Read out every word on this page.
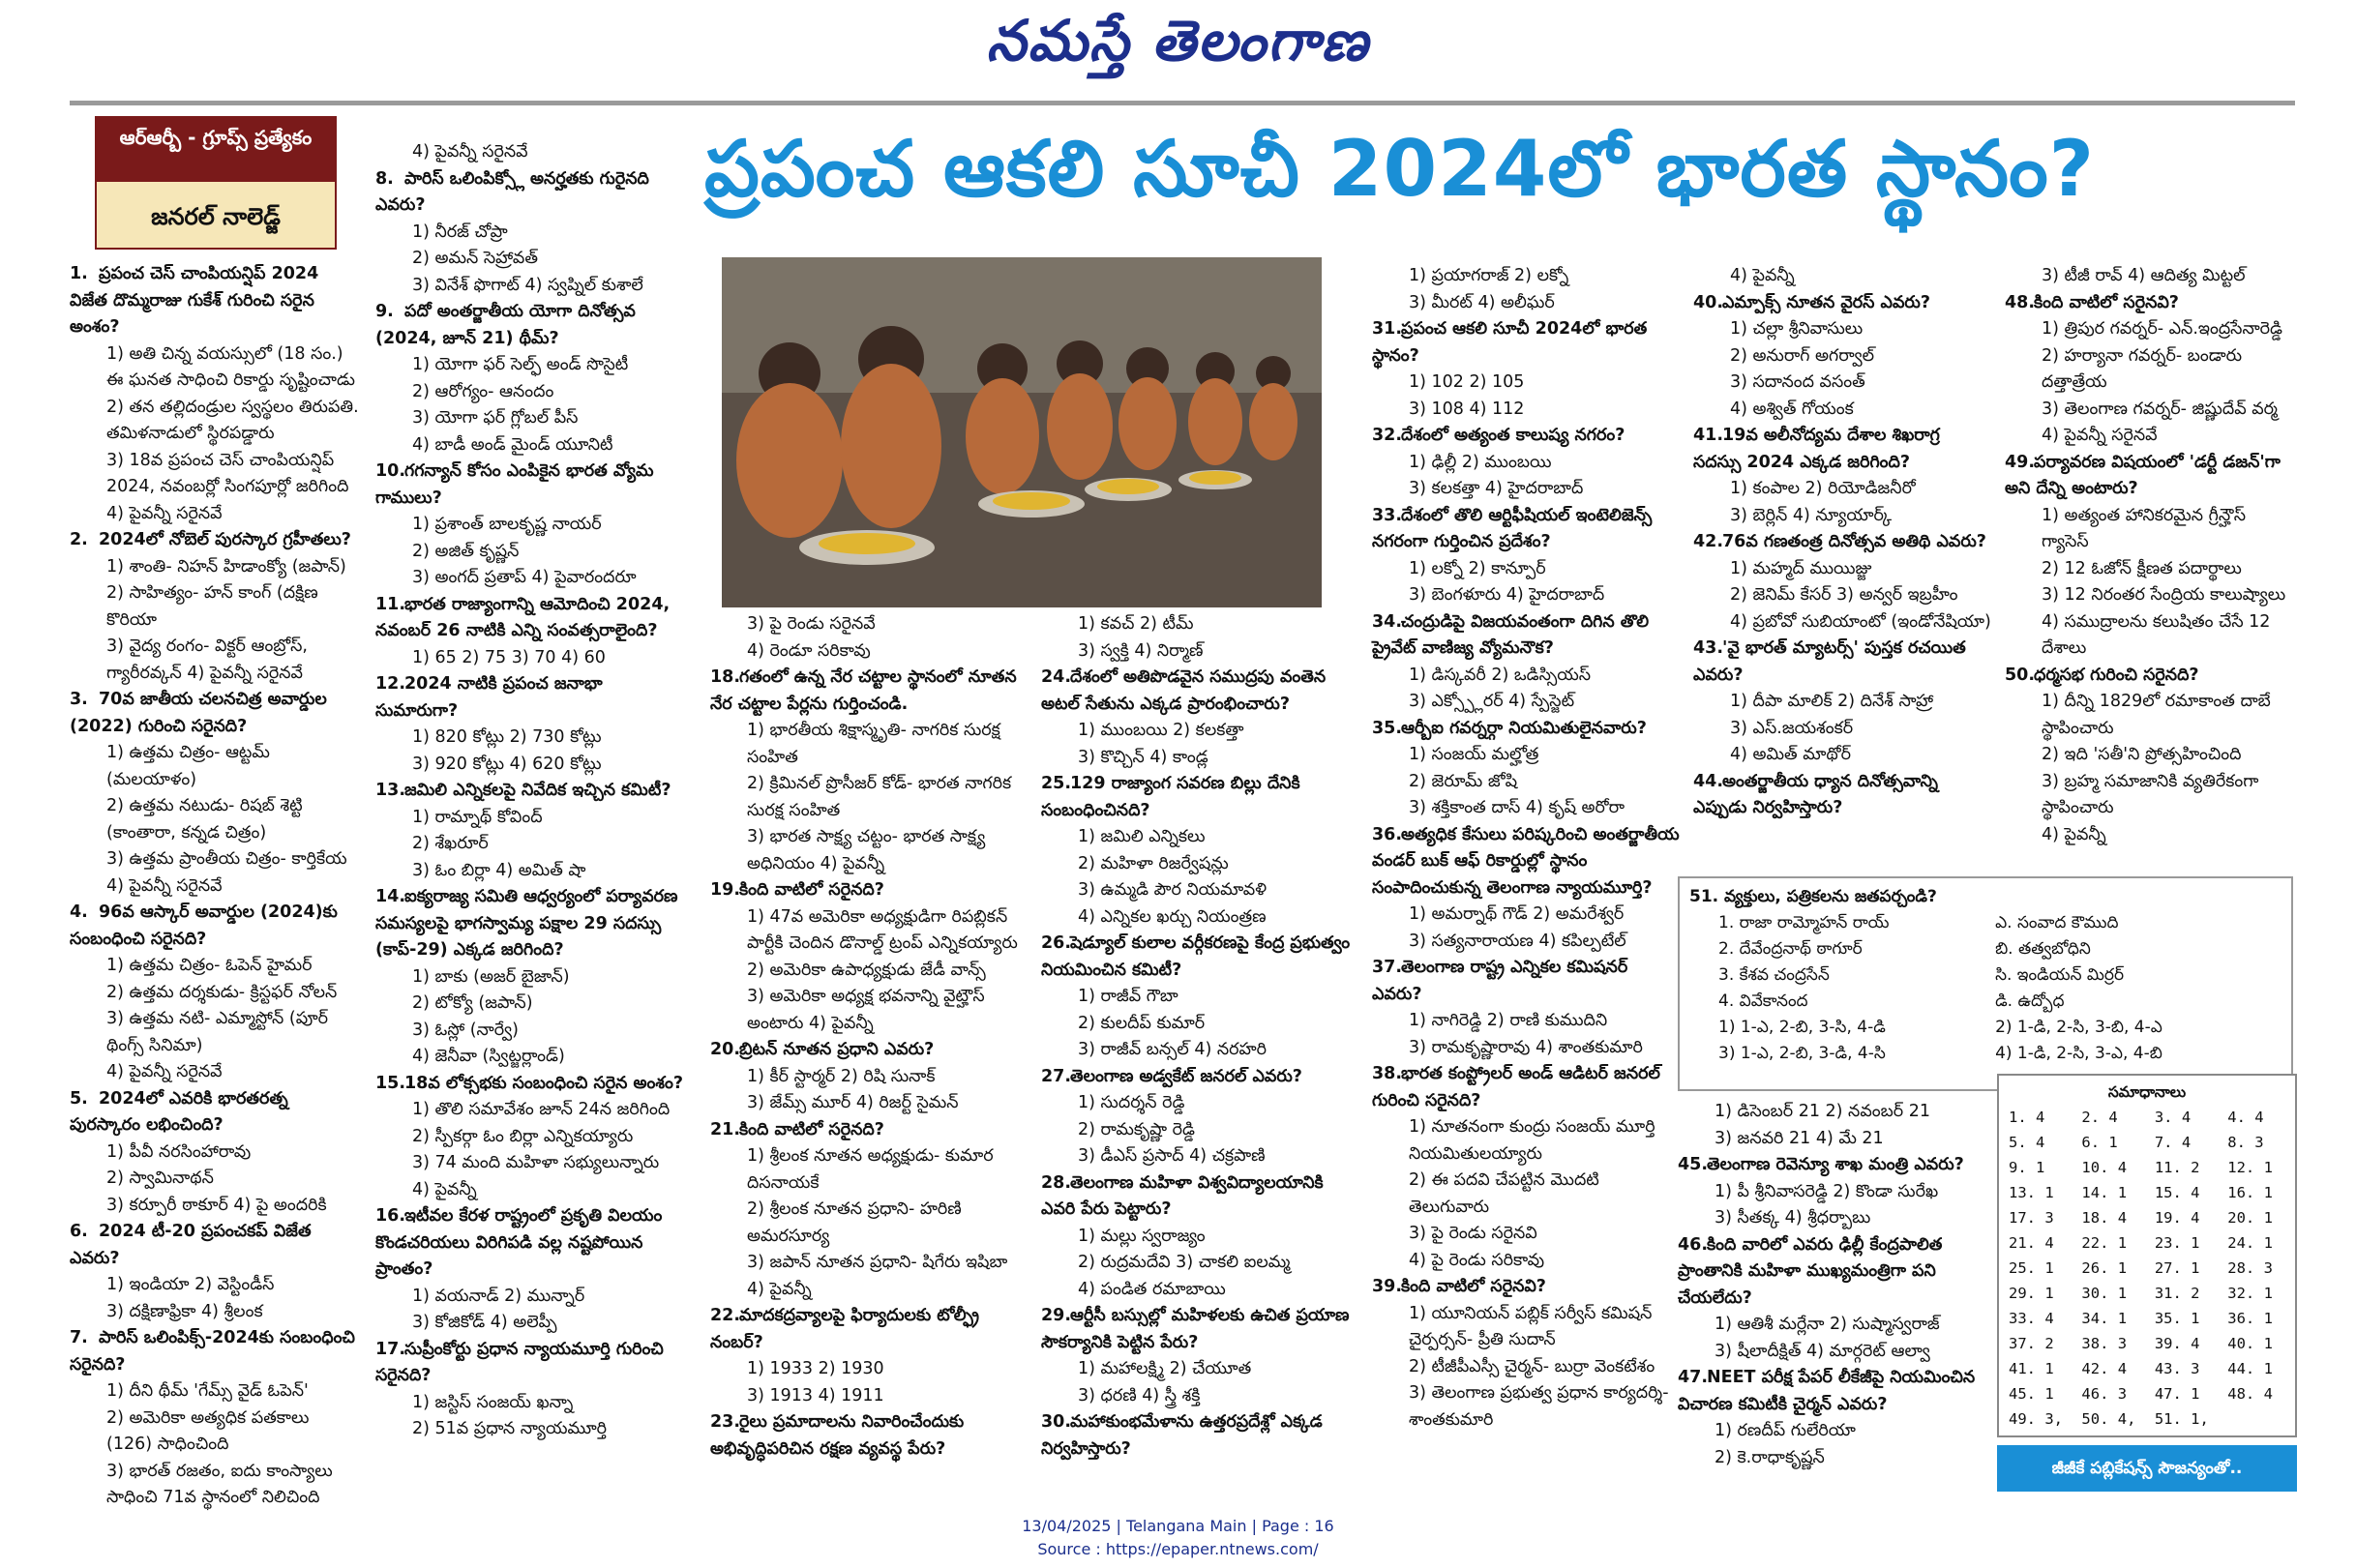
నమస్తే తెలంగాణ
ఆర్ఆర్బీ - గ్రూప్స్ ప్రత్యేకం
జనరల్ నాలెడ్జ్
ప్రపంచ ఆకలి సూచీ 2024లో భారత స్థానం?
1. ప్రపంచ చెస్ చాంపియన్షిప్ 2024 విజేత దొమ్మరాజు గుకేశ్ గురించి సరైన అంశం?
1) అతి చిన్న వయస్సులో (18 సం.) ఈ ఘనత సాధించి రికార్డు సృష్టించాడు
2) తన తల్లిదండ్రుల స్వస్థలం తిరుపతి. తమిళనాడులో స్థిరపడ్డారు
3) 18వ ప్రపంచ చెస్ చాంపియన్షిప్ 2024, నవంబర్లో సింగపూర్లో జరిగింది 4) పైవన్నీ సరైనవే
2. 2024లో నోబెల్ పురస్కార గ్రహీతలు?
1) శాంతి- నిహన్ హిడాంక్యో (జపాన్)
2) సాహిత్యం- హన్ కాంగ్ (దక్షిణ కొరియా
3) వైద్య రంగం- విక్టర్ ఆంబ్రోస్, గ్యారీరవ్కన్ 4) పైవన్నీ సరైనవే
3. 70వ జాతీయ చలనచిత్ర అవార్డుల (2022) గురించి సరైనది?
1) ఉత్తమ చిత్రం- ఆట్టమ్ (మలయాళం)
2) ఉత్తమ నటుడు- రిషబ్ శెట్టి (కాంతారా, కన్నడ చిత్రం)
3) ఉత్తమ ప్రాంతీయ చిత్రం- కార్తికేయ
4) పైవన్నీ సరైనవే
4. 96వ ఆస్కార్ అవార్డుల (2024)కు సంబంధించి సరైనది?
1) ఉత్తమ చిత్రం- ఓపెన్ హైమర్
2) ఉత్తమ దర్శకుడు- క్రిస్టఫర్ నోలన్
3) ఉత్తమ నటి- ఎమ్మాస్టోన్ (పూర్ థింగ్స్ సినిమా)
4) పైవన్నీ సరైనవే
5. 2024లో ఎవరికి భారతరత్న పురస్కారం లభించింది?
1) పీవీ నరసింహారావు
2) స్వామినాథన్
3) కర్పూరీ ఠాకూర్ 4) పై అందరికి
6. 2024 టీ-20 ప్రపంచకప్ విజేత ఎవరు?
1) ఇండియా 2) వెస్టిండీస్
3) దక్షిణాఫ్రికా 4) శ్రీలంక
7. పారిస్ ఒలింపిక్స్-2024కు సంబంధించి సరైనది?
1) దీని థీమ్ 'గేమ్స్ వైడ్ ఓపెన్'
2) అమెరికా అత్యధిక పతకాలు (126) సాధించింది
3) భారత్ రజతం, ఐదు కాంస్యాలు సాధించి 71వ స్థానంలో నిలిచింది
4) పైవన్నీ సరైనవే
8. పారిస్ ఒలింపిక్స్లో అనర్హతకు గురైనది ఎవరు?
1) నీరజ్ చోప్రా
2) అమన్ సెహ్రావత్
3) వినేశ్ ఫొగాట్ 4) స్వప్నిల్ కుశాలే
9. పదో అంతర్జాతీయ యోగా దినోత్సవ (2024, జూన్ 21) థీమ్?
1) యోగా ఫర్ సెల్ఫ్ అండ్ సొసైటీ
2) ఆరోగ్యం- ఆనందం
3) యోగా ఫర్ గ్లోబల్ పీస్
4) బాడీ అండ్ మైండ్ యూనిటీ
10.గగన్యాన్ కోసం ఎంపికైన భారత వ్యోమ గాములు?
1) ప్రశాంత్ బాలకృష్ణ నాయర్
2) అజిత్ కృష్ణన్
3) అంగద్ ప్రతాప్ 4) పైవారందరూ
11.భారత రాజ్యాంగాన్ని ఆమోదించి 2024, నవంబర్ 26 నాటికి ఎన్ని సంవత్సరాలైంది?
1) 65 2) 75 3) 70 4) 60
12.2024 నాటికి ప్రపంచ జనాభా సుమారుగా?
1) 820 కోట్లు 2) 730 కోట్లు
3) 920 కోట్లు 4) 620 కోట్లు
13.జమిలి ఎన్నికలపై నివేదిక ఇచ్చిన కమిటీ?
1) రామ్నాథ్ కోవింద్
2) శేఖరూర్
3) ఓం బిర్లా 4) అమిత్ షా
14.ఐక్యరాజ్య సమితి ఆధ్వర్యంలో పర్యావరణ సమస్యలపై భాగస్వామ్య పక్షాల 29 సదస్సు (కాప్-29) ఎక్కడ జరిగింది?
1) బాకు (అజర్ బైజాన్)
2) టోక్యో (జపాన్)
3) ఓస్లో (నార్వే)
4) జెనీవా (స్విట్జర్లాండ్)
15.18వ లోక్సభకు సంబంధించి సరైన అంశం?
1) తొలి సమావేశం జూన్ 24న జరిగింది
2) స్పీకర్గా ఓం బిర్లా ఎన్నికయ్యారు
3) 74 మంది మహిళా సభ్యులున్నారు
4) పైవన్నీ
16.ఇటీవల కేరళ రాష్ట్రంలో ప్రకృతి విలయం కొండచరియలు విరిగిపడి వల్ల నష్టపోయిన ప్రాంతం?
1) వయనాడ్ 2) మున్నార్
3) కోజికోడ్ 4) అలెప్పీ
17.సుప్రీంకోర్టు ప్రధాన న్యాయమూర్తి గురించి సరైనది?
1) జస్టిస్ సంజయ్ ఖన్నా
2) 51వ ప్రధాన న్యాయమూర్తి
3) పై రెండు సరైనవే
4) రెండూ సరికావు
18.గతంలో ఉన్న నేర చట్టాల స్థానంలో నూతన నేర చట్టాల పేర్లను గుర్తించండి.
1) భారతీయ శిక్షాస్మృతి- నాగరిక సురక్ష సంహిత
2) క్రిమినల్ ప్రొసీజర్ కోడ్- భారత నాగరిక సురక్ష సంహిత
3) భారత సాక్ష్య చట్టం- భారత సాక్ష్య అధినియం 4) పైవన్నీ
19.కింది వాటిలో సరైనది?
1) 47వ అమెరికా అధ్యక్షుడిగా రిపబ్లికన్ పార్టీకి చెందిన డొనాల్డ్ ట్రంప్ ఎన్నికయ్యారు
2) అమెరికా ఉపాధ్యక్షుడు జేడీ వాన్స్
3) అమెరికా అధ్యక్ష భవనాన్ని వైట్హౌస్ అంటారు 4) పైవన్నీ
20.బ్రిటన్ నూతన ప్రధాని ఎవరు?
1) కీర్ స్టార్మర్ 2) రిషి సునాక్
3) జేమ్స్ మూర్ 4) రిజర్ట్ సైమన్
21.కింది వాటిలో సరైనది?
1) శ్రీలంక నూతన అధ్యక్షుడు- కుమార దిసనాయకే
2) శ్రీలంక నూతన ప్రధాని- హరిణి అమరసూర్య
3) జపాన్ నూతన ప్రధాని- షిగేరు ఇషిబా 4) పైవన్నీ
22.మాదకద్రవ్యాలపై ఫిర్యాదులకు టోల్ఫ్రీ నంబర్?
1) 1933 2) 1930
3) 1913 4) 1911
23.రైలు ప్రమాదాలను నివారించేందుకు అభివృద్ధిపరిచిన రక్షణ వ్యవస్థ పేరు?
1) కవచ్ 2) టీమ్
3) స్వక్తి 4) నిర్మాణ్
24.దేశంలో అతిపొడవైన సముద్రపు వంతెన అటల్ సేతును ఎక్కడ ప్రారంభించారు?
1) ముంబయి 2) కలకత్తా
3) కొచ్చిన్ 4) కాండ్ల
25.129 రాజ్యాంగ సవరణ బిల్లు దేనికి సంబంధించినది?
1) జమిలి ఎన్నికలు
2) మహిళా రిజర్వేషన్లు
3) ఉమ్మడి పౌర నియమావళి
4) ఎన్నికల ఖర్చు నియంత్రణ
26.షెడ్యూల్ కులాల వర్గీకరణపై కేంద్ర ప్రభుత్వం నియమించిన కమిటీ?
1) రాజీవ్ గౌబా
2) కులదీప్ కుమార్
3) రాజీవ్ బన్సల్ 4) నరహరి
27.తెలంగాణ అడ్వకేట్ జనరల్ ఎవరు?
1) సుదర్శన్ రెడ్డి
2) రామకృష్ణా రెడ్డి
3) డీఎస్ ప్రసాద్ 4) చక్రపాణి
28.తెలంగాణ మహిళా విశ్వవిద్యాలయానికి ఎవరి పేరు పెట్టారు?
1) మల్లు స్వరాజ్యం
2) రుద్రమదేవి 3) చాకలి ఐలమ్మ
4) పండిత రమాబాయి
29.ఆర్టీసీ బస్సుల్లో మహిళలకు ఉచిత ప్రయాణ సౌకర్యానికి పెట్టిన పేరు?
1) మహాలక్ష్మి 2) చేయూత
3) ధరణి 4) స్త్రీ శక్తి
30.మహాకుంభమేళాను ఉత్తరప్రదేశ్లో ఎక్కడ నిర్వహిస్తారు?
1) ప్రయాగరాజ్ 2) లక్నో
3) మీరట్ 4) అలీఘర్
31.ప్రపంచ ఆకలి సూచీ 2024లో భారత స్థానం?
1) 102 2) 105
3) 108 4) 112
32.దేశంలో అత్యంత కాలుష్య నగరం?
1) ఢిల్లీ 2) ముంబయి
3) కలకత్తా 4) హైదరాబాద్
33.దేశంలో తొలి ఆర్టిఫీషియల్ ఇంటెలిజెన్స్ నగరంగా గుర్తించిన ప్రదేశం?
1) లక్నో 2) కాన్పూర్
3) బెంగళూరు 4) హైదరాబాద్
34.చంద్రుడిపై విజయవంతంగా దిగిన తొలి ప్రైవేట్ వాణిజ్య వ్యోమనౌక?
1) డిస్కవరీ 2) ఒడిస్సియస్
3) ఎక్స్ప్లోరర్ 4) స్పేస్జెట్
35.ఆర్బీఐ గవర్నర్గా నియమితులైనవారు?
1) సంజయ్ మల్హోత్ర
2) జెరూమ్ జోషి
3) శక్తికాంత దాస్ 4) కృష్ అరోరా
36.అత్యధిక కేసులు పరిష్కరించి అంతర్జాతీయ వండర్ బుక్ ఆఫ్ రికార్డుల్లో స్థానం సంపాదించుకున్న తెలంగాణ న్యాయమూర్తి?
1) అమర్నాథ్ గౌడ్ 2) అమరేశ్వర్
3) సత్యనారాయణ 4) కపిల్పటేల్
37.తెలంగాణ రాష్ట్ర ఎన్నికల కమిషనర్ ఎవరు?
1) నాగిరెడ్డి 2) రాణి కుముదిని
3) రామకృష్ణారావు 4) శాంతకుమారి
38.భారత కంప్ట్రోలర్ అండ్ ఆడిటర్ జనరల్ గురించి సరైనది?
1) నూతనంగా కుంద్రు సంజయ్ మూర్తి నియమితులయ్యారు
2) ఈ పదవి చేపట్టిన మొదటి తెలుగువారు
3) పై రెండు సరైనవి
4) పై రెండు సరికావు
39.కింది వాటిలో సరైనవి?
1) యూనియన్ పబ్లిక్ సర్వీస్ కమిషన్ చైర్పర్సన్- ప్రీతి సుదాన్
2) టీజీపీఎస్సీ చైర్మన్- బుర్రా వెంకటేశం
3) తెలంగాణ ప్రభుత్వ ప్రధాన కార్యదర్శి- శాంతకుమారి
4) పైవన్నీ
40.ఎమ్పాక్స్ నూతన వైరస్ ఎవరు?
1) చల్లా శ్రీనివాసులు
2) అనురాగ్ అగర్వాల్
3) సదానంద వసంత్
4) అశ్విత్ గోయంక
41.19వ అలీనోద్యమ దేశాల శిఖరాగ్ర సదస్సు 2024 ఎక్కడ జరిగింది?
1) కంపాల 2) రియోడిజనీరో
3) బెర్లిన్ 4) న్యూయార్క్
42.76వ గణతంత్ర దినోత్సవ అతిథి ఎవరు?
1) మహ్మద్ ముయిజ్జు
2) జెనిమ్ కేసర్ 3) అన్వర్ ఇబ్రహీం
4) ప్రబోవో సుబియాంటో (ఇండోనేషియా)
43.'వై భారత్ మ్యాటర్స్' పుస్తక రచయిత ఎవరు?
1) దీపా మాలిక్ 2) దినేశ్ సాహ్రా
3) ఎస్.జయశంకర్
4) అమిత్ మాథోర్
44.అంతర్జాతీయ ధ్యాన దినోత్సవాన్ని ఎప్పుడు నిర్వహిస్తారు?
1) డిసెంబర్ 21 2) నవంబర్ 21
3) జనవరి 21 4) మే 21
45.తెలంగాణ రెవెన్యూ శాఖ మంత్రి ఎవరు?
1) పీ శ్రీనివాసరెడ్డి 2) కొండా సురేఖ
3) సీతక్క 4) శ్రీధర్బాబు
46.కింది వారిలో ఎవరు ఢిల్లీ కేంద్రపాలిత ప్రాంతానికి మహిళా ముఖ్యమంత్రిగా పని చేయలేదు?
1) ఆతిశీ మర్లేనా 2) సుష్మాస్వరాజ్
3) షీలాదీక్షిత్ 4) మార్గరెట్ ఆల్వా
47.NEET పరీక్ష పేపర్ లీకేజీపై నియమించిన విచారణ కమిటీకి చైర్మన్ ఎవరు?
1) రణదీప్ గులేరియా
2) కె.రాధాకృష్ణన్
3) టీజీ రావ్ 4) ఆదిత్య మిట్టల్
48.కింది వాటిలో సరైనవి?
1) త్రిపుర గవర్నర్- ఎన్.ఇంద్రసేనారెడ్డి
2) హర్యానా గవర్నర్- బండారు దత్తాత్రేయ
3) తెలంగాణ గవర్నర్- జిష్ణుదేవ్ వర్మ
4) పైవన్నీ సరైనవే
49.పర్యావరణ విషయంలో 'డర్టీ డజన్'గా అని దేన్ని అంటారు?
1) అత్యంత హానికరమైన గ్రీన్హౌస్ గ్యాసెస్
2) 12 ఓజోన్ క్షీణత పదార్థాలు
3) 12 నిరంతర సేంద్రియ కాలుష్యాలు
4) సముద్రాలను కలుషితం చేసే 12 దేశాలు
50.ధర్మసభ గురించి సరైనది?
1) దీన్ని 1829లో రమాకాంత దాబే స్థాపించారు
2) ఇది 'సతీ'ని ప్రోత్సహించింది
3) బ్రహ్మ సమాజానికి వ్యతిరేకంగా స్థాపించారు
4) పైవన్నీ
51. వ్యక్తులు, పత్రికలను జతపర్చండి?
1. రాజా రామ్మోహన్ రాయ్	ఎ. సంవాద కౌముది
2. దేవేంద్రనాథ్ ఠాగూర్	బి. తత్వబోధిని
3. కేశవ చంద్రసేన్	సి. ఇండియన్ మిర్రర్
4. వివేకానంద	డి. ఉద్బోధ
1) 1-ఎ, 2-బి, 3-సి, 4-డి	2) 1-డి, 2-సి, 3-బి, 4-ఎ
3) 1-ఎ, 2-బి, 3-డి, 4-సి	4) 1-డి, 2-సి, 3-ఎ, 4-బి
సమాధానాలు
1. 4	2. 4	3. 4	4. 4
5. 4	6. 1	7. 4	8. 3
9. 1	10. 4	11. 2	12. 1
13. 1	14. 1	15. 4	16. 1
17. 3	18. 4	19. 4	20. 1
21. 4	22. 1	23. 1	24. 1
25. 1	26. 1	27. 1	28. 3
29. 1	30. 1	31. 2	32. 1
33. 4	34. 1	35. 1	36. 1
37. 2	38. 3	39. 4	40. 1
41. 1	42. 4	43. 3	44. 1
45. 1	46. 3	47. 1	48. 4
49. 3,	50. 4,	51. 1,	
జీజీకే పబ్లికేషన్స్ సౌజన్యంతో..
13/04/2025 | Telangana Main | Page : 16
Source : https://epaper.ntnews.com/
